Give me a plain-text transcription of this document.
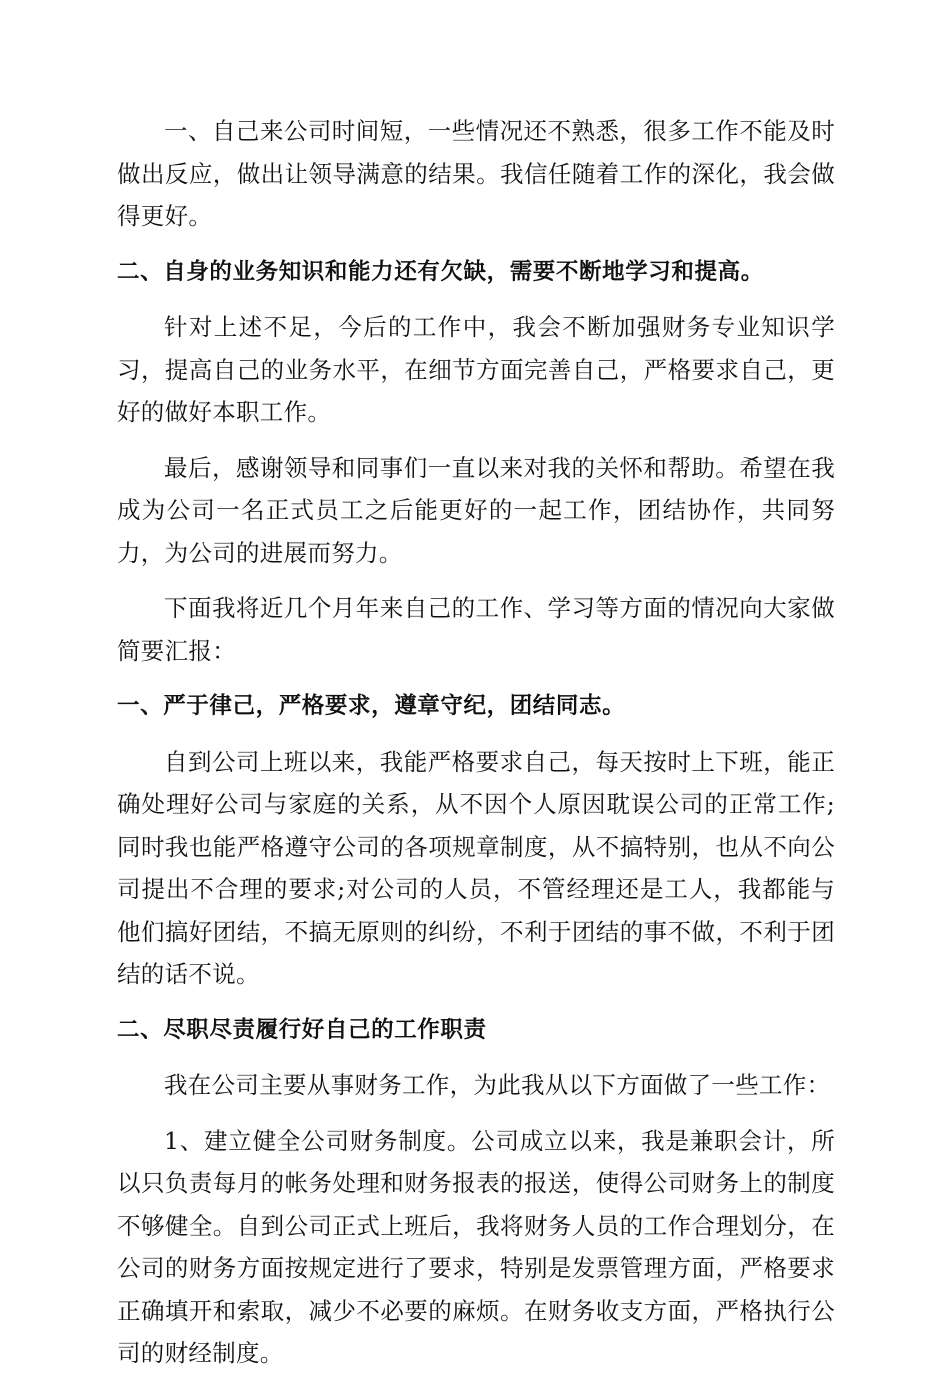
一、自己来公司时间短，一些情况还不熟悉，很多工作不能及时做出反应，做出让领导满意的结果。我信任随着工作的深化，我会做得更好。

二、自身的业务知识和能力还有欠缺，需要不断地学习和提高。

针对上述不足，今后的工作中，我会不断加强财务专业知识学习，提高自己的业务水平，在细节方面完善自己，严格要求自己，更好的做好本职工作。

最后，感谢领导和同事们一直以来对我的关怀和帮助。希望在我成为公司一名正式员工之后能更好的一起工作，团结协作，共同努力，为公司的进展而努力。

下面我将近几个月年来自己的工作、学习等方面的情况向大家做简要汇报：

一、严于律己，严格要求，遵章守纪，团结同志。

自到公司上班以来，我能严格要求自己，每天按时上下班，能正确处理好公司与家庭的关系，从不因个人原因耽误公司的正常工作;同时我也能严格遵守公司的各项规章制度，从不搞特别，也从不向公司提出不合理的要求;对公司的人员，不管经理还是工人，我都能与他们搞好团结，不搞无原则的纠纷，不利于团结的事不做，不利于团结的话不说。

二、尽职尽责履行好自己的工作职责

我在公司主要从事财务工作，为此我从以下方面做了一些工作：

1、建立健全公司财务制度。公司成立以来，我是兼职会计，所以只负责每月的帐务处理和财务报表的报送，使得公司财务上的制度不够健全。自到公司正式上班后，我将财务人员的工作合理划分，在公司的财务方面按规定进行了要求，特别是发票管理方面，严格要求正确填开和索取，减少不必要的麻烦。在财务收支方面，严格执行公司的财经制度。
